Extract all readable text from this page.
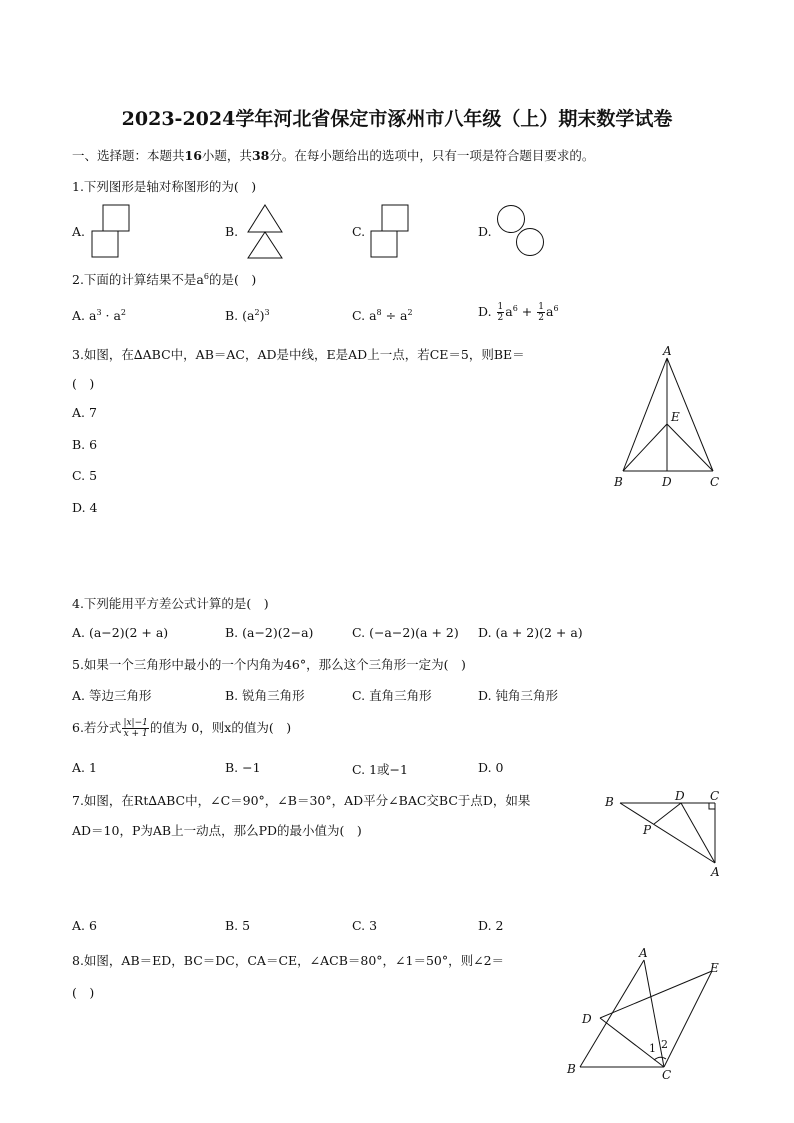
2023-2024学年河北省保定市涿州市八年级（上）期末数学试卷
一、选择题：本题共16小题，共38分。在每小题给出的选项中，只有一项是符合题目要求的。
1.下列图形是轴对称图形的为(　)
A.	B.	C.	D.
2.下面的计算结果不是$a^6$的是(　)
A. $a^3 \cdot a^2$	B. $(a^2)^3$	C. $a^8 \div a^2$	D. $\frac{1}{2} a^6 + \frac{1}{2} a^6$
3.如图，在∆ABC中，AB＝AC，AD是中线，E是AD上一点，若CE＝5，则BE＝
(　)
A. 7
B. 6
C. 5
D. 4
A
E
B	D	C
4.下列能用平方差公式计算的是(　)
A. (a−2)(2 + a)	B. (a−2)(2−a)	C. (−a−2)(a + 2) D. (a + 2)(2 + a)
5.如果一个三角形中最小的一个内角为46°，那么这个三角形一定为(　)
A. 等边三角形	B. 锐角三角形	C. 直角三角形	D. 钝角三角形
6.若分式 $\frac{|x|-1}{x + 1}$ 的值为 0，则x的值为(　)
A. 1	B. −1	C. 1或−1	D. 0
7.如图，在Rt∆ABC中，∠C＝90°，∠B＝30°，AD平分∠BAC交BC于点D，如果
AD＝10，P为AB上一动点，那么PD的最小值为(　)
A. 6	B. 5	C. 3	D. 2
B	D C
P
A
8.如图，AB＝ED，BC＝DC，CA＝CE，∠ACB＝80°，∠1＝50°，则∠2＝
(　)
A
E
D
1 2
B	C
